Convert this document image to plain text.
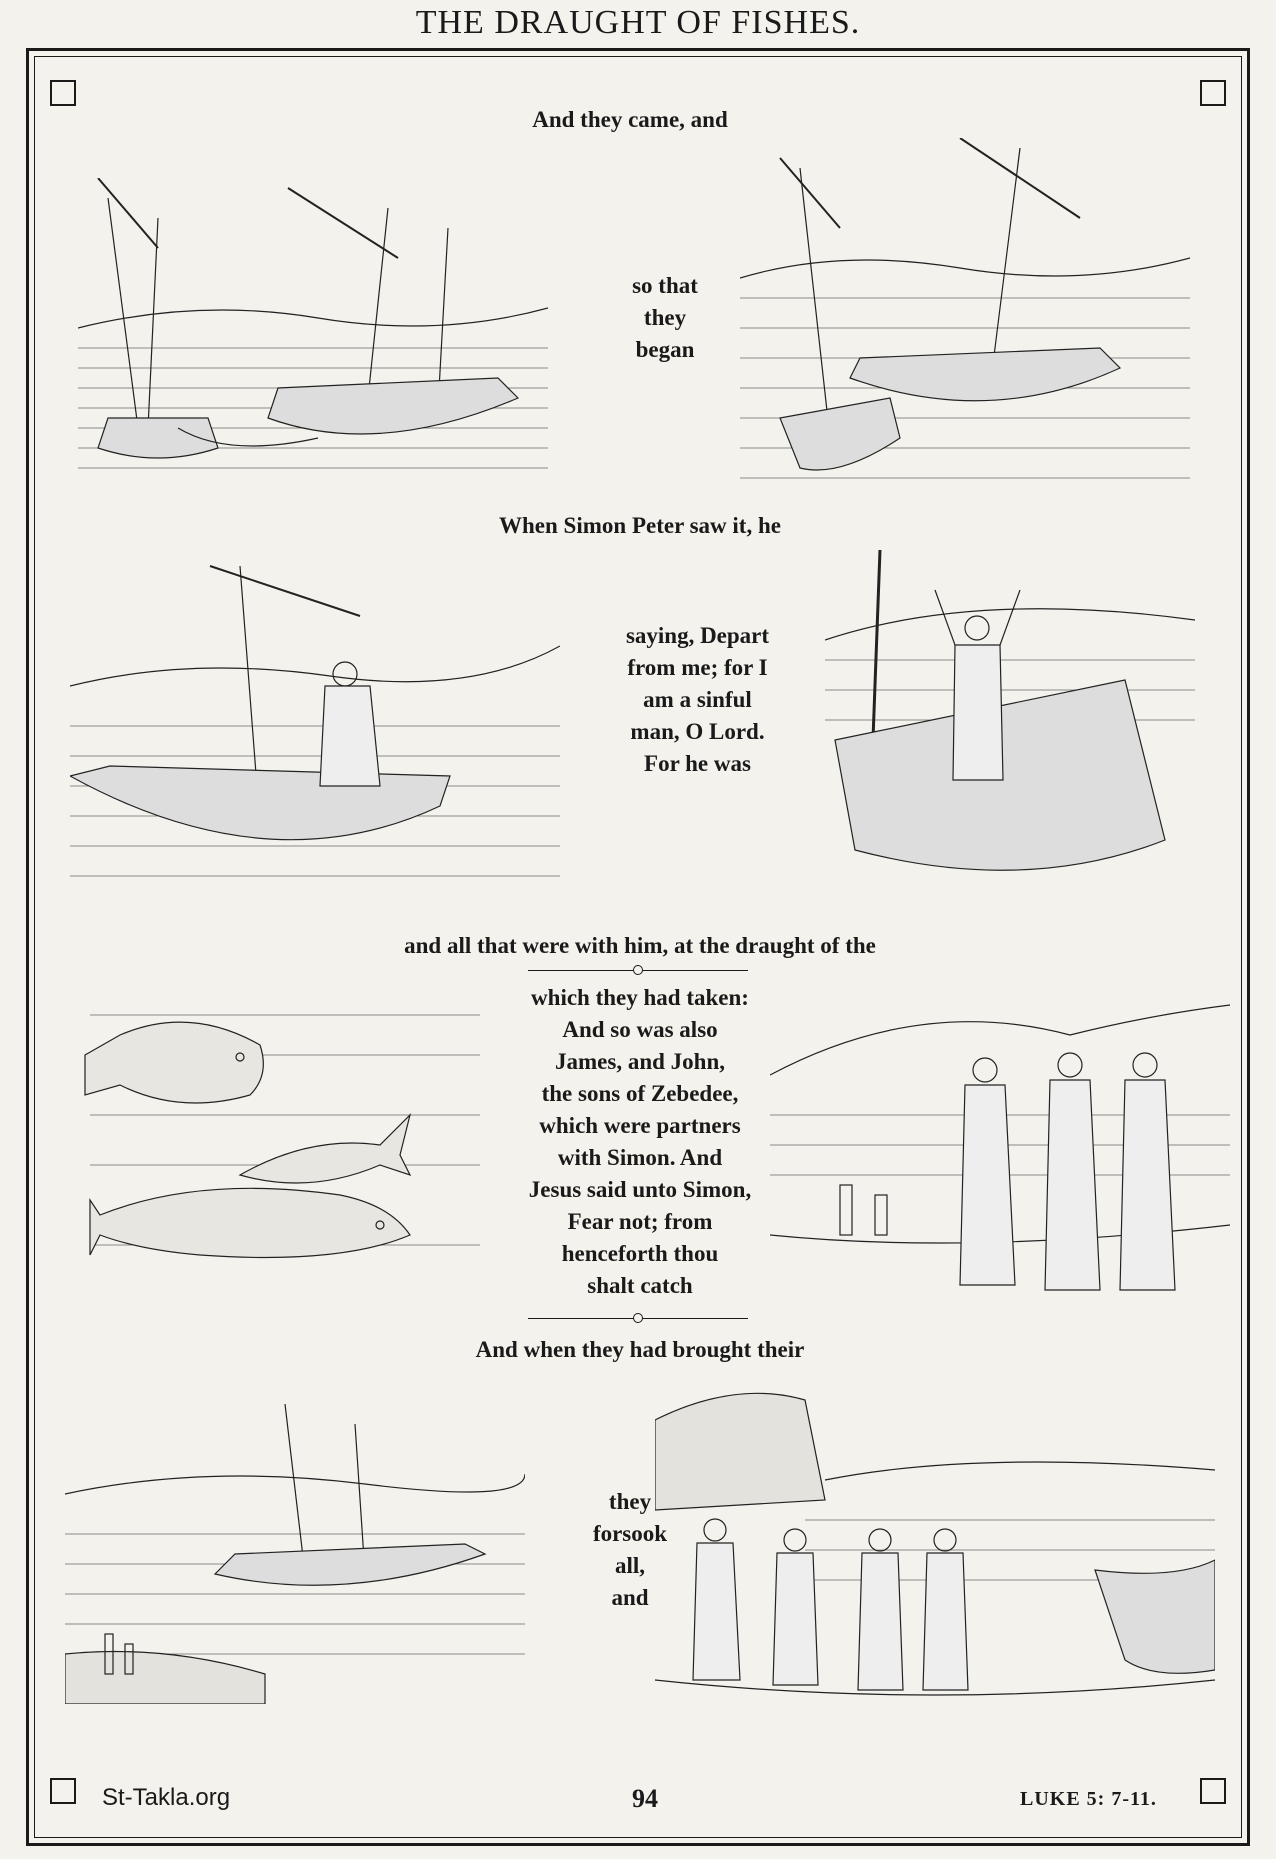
THE DRAUGHT OF FISHES.
And they came, and
so that
they
began
When Simon Peter saw it, he
saying, Depart
from me; for I
am a sinful
man, O Lord.
For he was
and all that were with him, at the draught of the
which they had taken:
And so was also
James, and John,
the sons of Zebedee,
which were partners
with Simon. And
Jesus said unto Simon,
Fear not; from
henceforth thou
shalt catch
And when they had brought their
they
forsook
all,
and
St-Takla.org	94	LUKE 5: 7-11.
